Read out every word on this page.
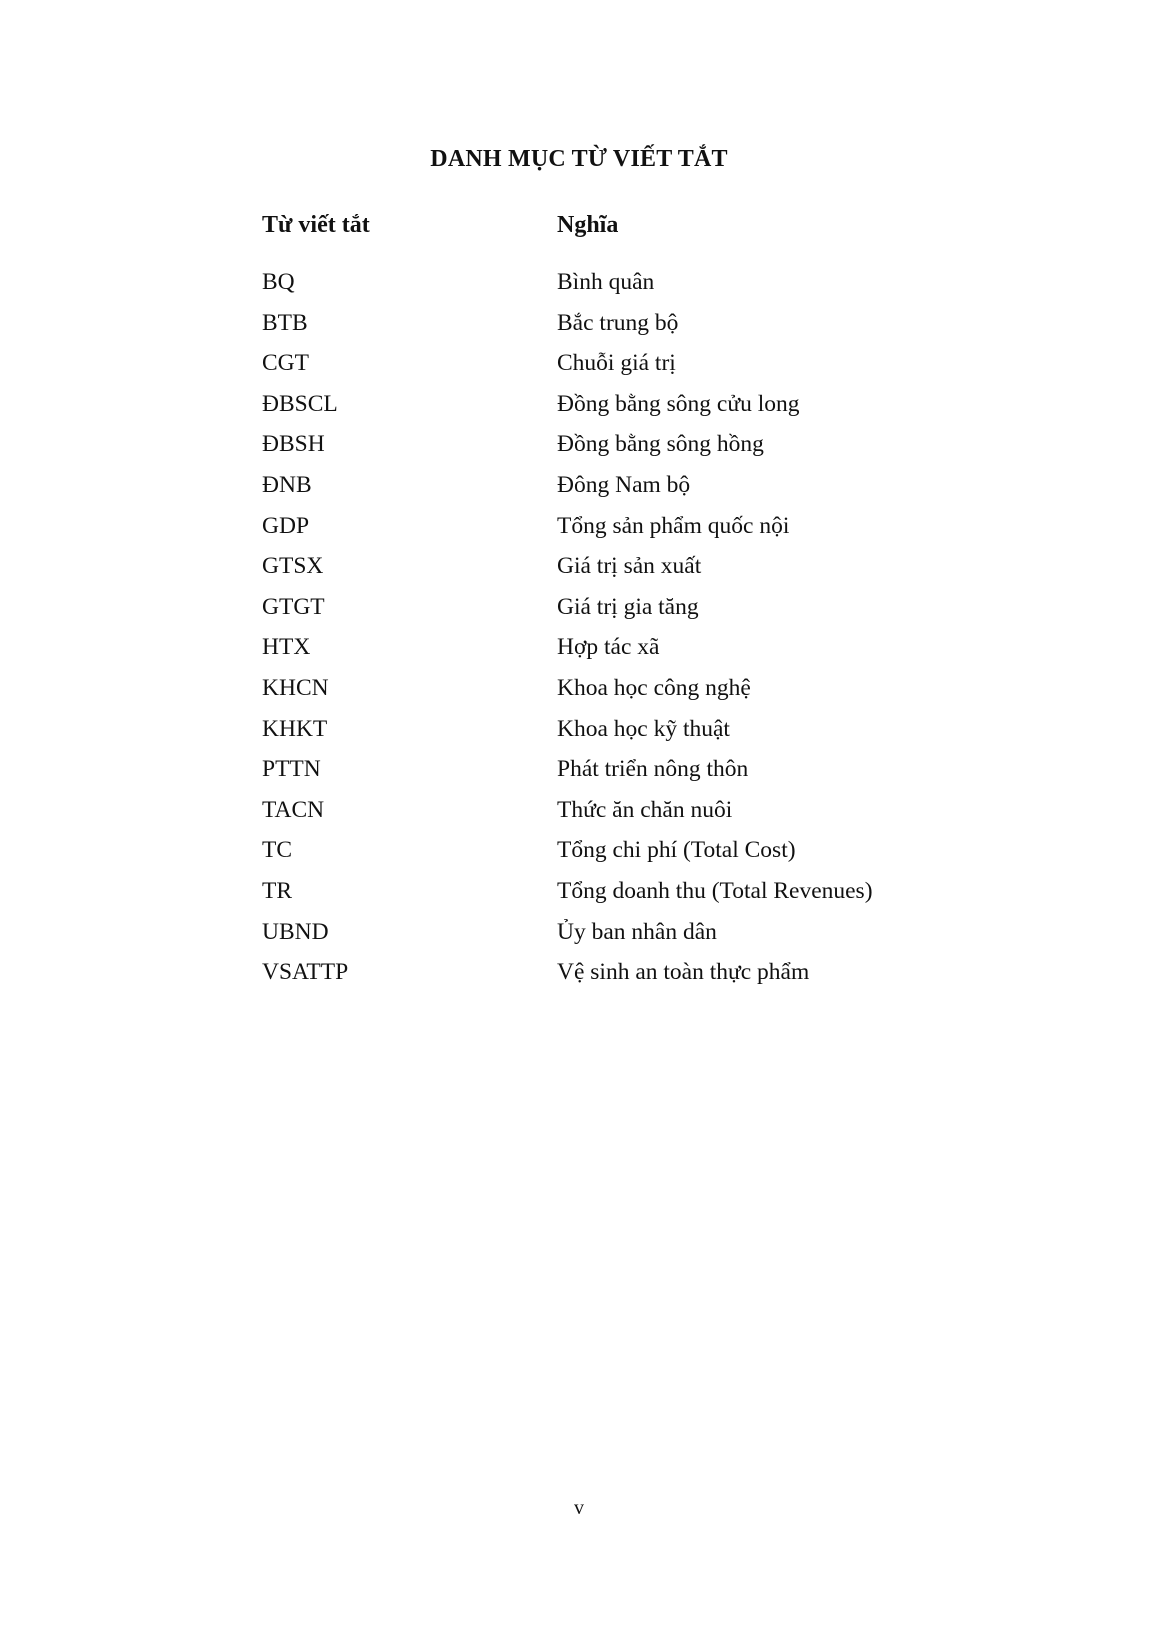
DANH MỤC TỪ VIẾT TẮT
Từ viết tắt	Nghĩa
BQ	Bình quân
BTB	Bắc trung bộ
CGT	Chuỗi giá trị
ĐBSCL	Đồng bằng sông cửu long
ĐBSH	Đồng bằng sông hồng
ĐNB	Đông Nam bộ
GDP	Tổng sản phẩm quốc nội
GTSX	Giá trị sản xuất
GTGT	Giá trị gia tăng
HTX	Hợp tác xã
KHCN	Khoa học công nghệ
KHKT	Khoa học kỹ thuật
PTTN	Phát triển nông thôn
TACN	Thức ăn chăn nuôi
TC	Tổng chi phí (Total Cost)
TR	Tổng doanh thu (Total Revenues)
UBND	Ủy ban nhân dân
VSATTP	Vệ sinh an toàn thực phẩm
v
